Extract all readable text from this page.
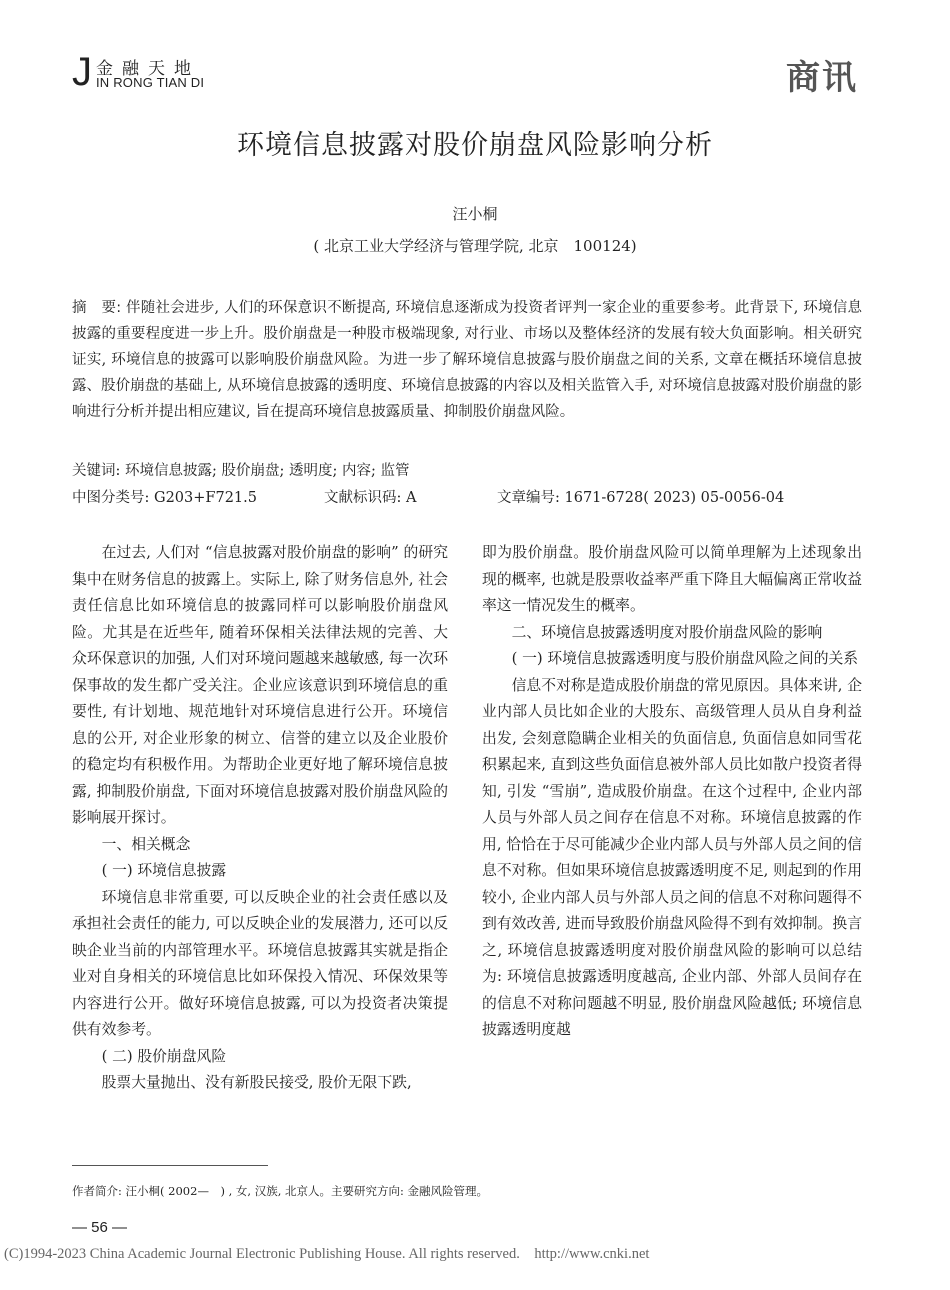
J 金融天地
IN RONG TIAN DI	商讯
环境信息披露对股价崩盘风险影响分析
汪小桐
( 北京工业大学经济与管理学院, 北京　100124)
摘　要: 伴随社会进步, 人们的环保意识不断提高, 环境信息逐渐成为投资者评判一家企业的重要参考。此背景下, 环境信息披露的重要程度进一步上升。股价崩盘是一种股市极端现象, 对行业、市场以及整体经济的发展有较大负面影响。相关研究证实, 环境信息的披露可以影响股价崩盘风险。为进一步了解环境信息披露与股价崩盘之间的关系, 文章在概括环境信息披露、股价崩盘的基础上, 从环境信息披露的透明度、环境信息披露的内容以及相关监管入手, 对环境信息披露对股价崩盘的影响进行分析并提出相应建议, 旨在提高环境信息披露质量、抑制股价崩盘风险。
关键词: 环境信息披露; 股价崩盘; 透明度; 内容; 监管
中图分类号: G203+F721.5	文献标识码: A	文章编号: 1671-6728( 2023) 05-0056-04

在过去, 人们对 “信息披露对股价崩盘的影响” 的研究集中在财务信息的披露上。实际上, 除了财务信息外, 社会责任信息比如环境信息的披露同样可以影响股价崩盘风险。尤其是在近些年, 随着环保相关法律法规的完善、大众环保意识的加强, 人们对环境问题越来越敏感, 每一次环保事故的发生都广受关注。企业应该意识到环境信息的重要性, 有计划地、规范地针对环境信息进行公开。环境信息的公开, 对企业形象的树立、信誉的建立以及企业股价的稳定均有积极作用。为帮助企业更好地了解环境信息披露, 抑制股价崩盘, 下面对环境信息披露对股价崩盘风险的影响展开探讨。

一、相关概念

( 一) 环境信息披露

环境信息非常重要, 可以反映企业的社会责任感以及承担社会责任的能力, 可以反映企业的发展潜力, 还可以反映企业当前的内部管理水平。环境信息披露其实就是指企业对自身相关的环境信息比如环保投入情况、环保效果等内容进行公开。做好环境信息披露, 可以为投资者决策提供有效参考。

( 二) 股价崩盘风险

股票大量抛出、没有新股民接受, 股价无限下跌,

即为股价崩盘。股价崩盘风险可以简单理解为上述现象出现的概率, 也就是股票收益率严重下降且大幅偏离正常收益率这一情况发生的概率。

二、环境信息披露透明度对股价崩盘风险的影响

( 一) 环境信息披露透明度与股价崩盘风险之间的关系

信息不对称是造成股价崩盘的常见原因。具体来讲, 企业内部人员比如企业的大股东、高级管理人员从自身利益出发, 会刻意隐瞒企业相关的负面信息, 负面信息如同雪花积累起来, 直到这些负面信息被外部人员比如散户投资者得知, 引发 “雪崩”, 造成股价崩盘。在这个过程中, 企业内部人员与外部人员之间存在信息不对称。环境信息披露的作用, 恰恰在于尽可能减少企业内部人员与外部人员之间的信息不对称。但如果环境信息披露透明度不足, 则起到的作用较小, 企业内部人员与外部人员之间的信息不对称问题得不到有效改善, 进而导致股价崩盘风险得不到有效抑制。换言之, 环境信息披露透明度对股价崩盘风险的影响可以总结为: 环境信息披露透明度越高, 企业内部、外部人员间存在的信息不对称问题越不明显, 股价崩盘风险越低; 环境信息披露透明度越

作者简介: 汪小桐( 2002—　) , 女, 汉族, 北京人。主要研究方向: 金融风险管理。
— 56 —
(C)1994-2023 China Academic Journal Electronic Publishing House. All rights reserved.　http://www.cnki.net
